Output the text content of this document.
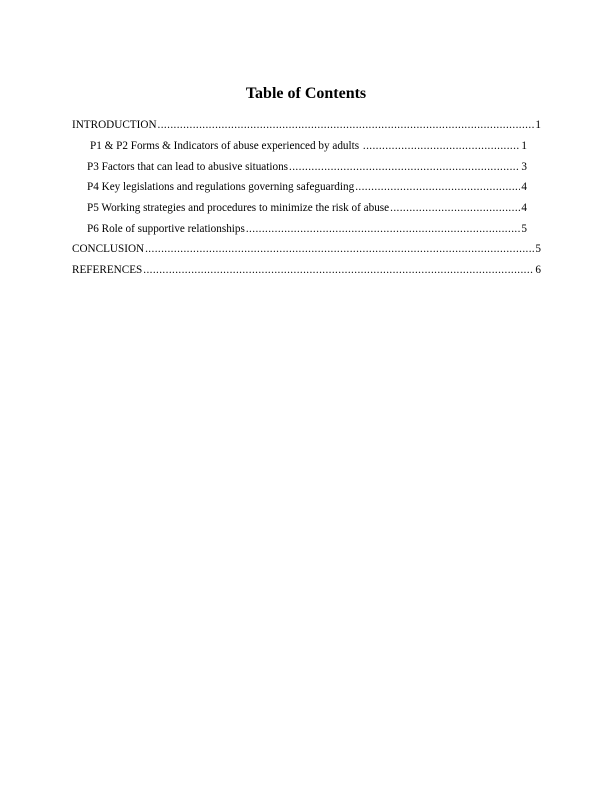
Table of Contents
INTRODUCTION .....	1
P1 & P2 Forms & Indicators of abuse experienced by adults .....	1
P3 Factors that can lead to abusive situations .....	3
P4 Key legislations and regulations governing safeguarding .....	4
P5 Working strategies and procedures to minimize the risk of abuse .....	4
P6 Role of supportive relationships .....	5
CONCLUSION .....	5
REFERENCES .....	6
